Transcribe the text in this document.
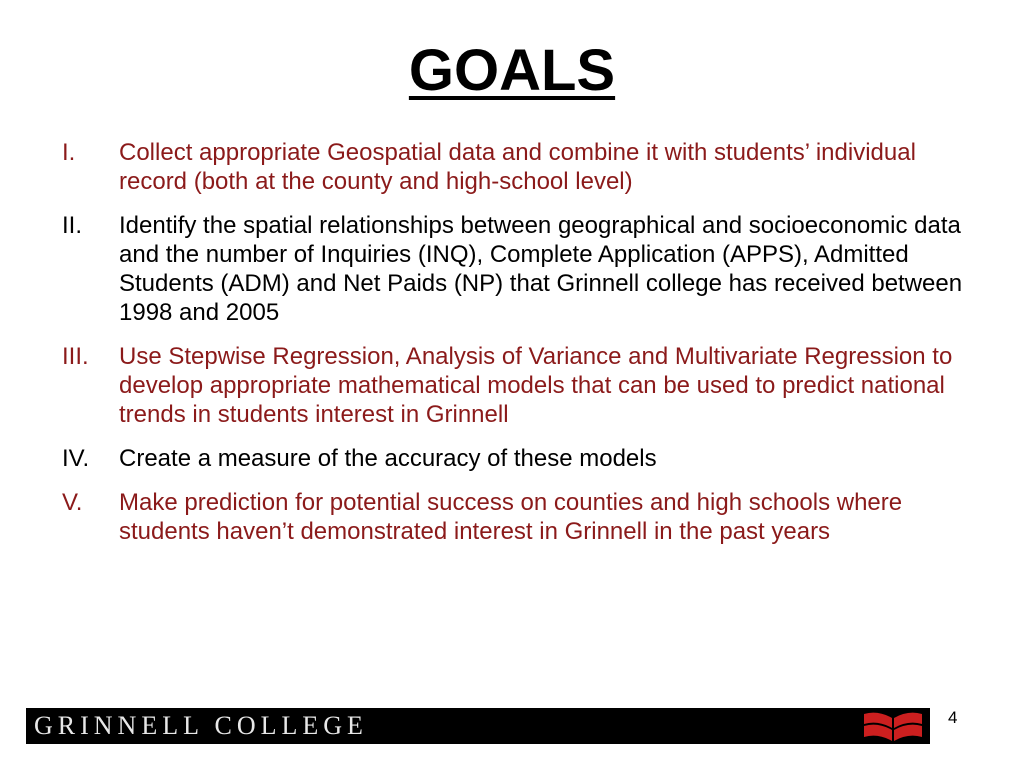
GOALS
I.	Collect appropriate Geospatial data and combine it with students’ individual record (both at the county and high-school level)
II.	Identify the spatial relationships between geographical and socioeconomic data and the number of Inquiries (INQ), Complete Application (APPS), Admitted Students (ADM) and Net Paids (NP) that Grinnell college has received between 1998 and 2005
III.	Use Stepwise Regression, Analysis of Variance and Multivariate Regression to develop appropriate mathematical models that can be used to predict national trends in students interest in Grinnell
IV.	Create a measure of the accuracy of these models
V.	Make prediction for potential success on counties and high schools where students haven’t demonstrated interest in Grinnell in the past years
GRINNELL COLLEGE	4
